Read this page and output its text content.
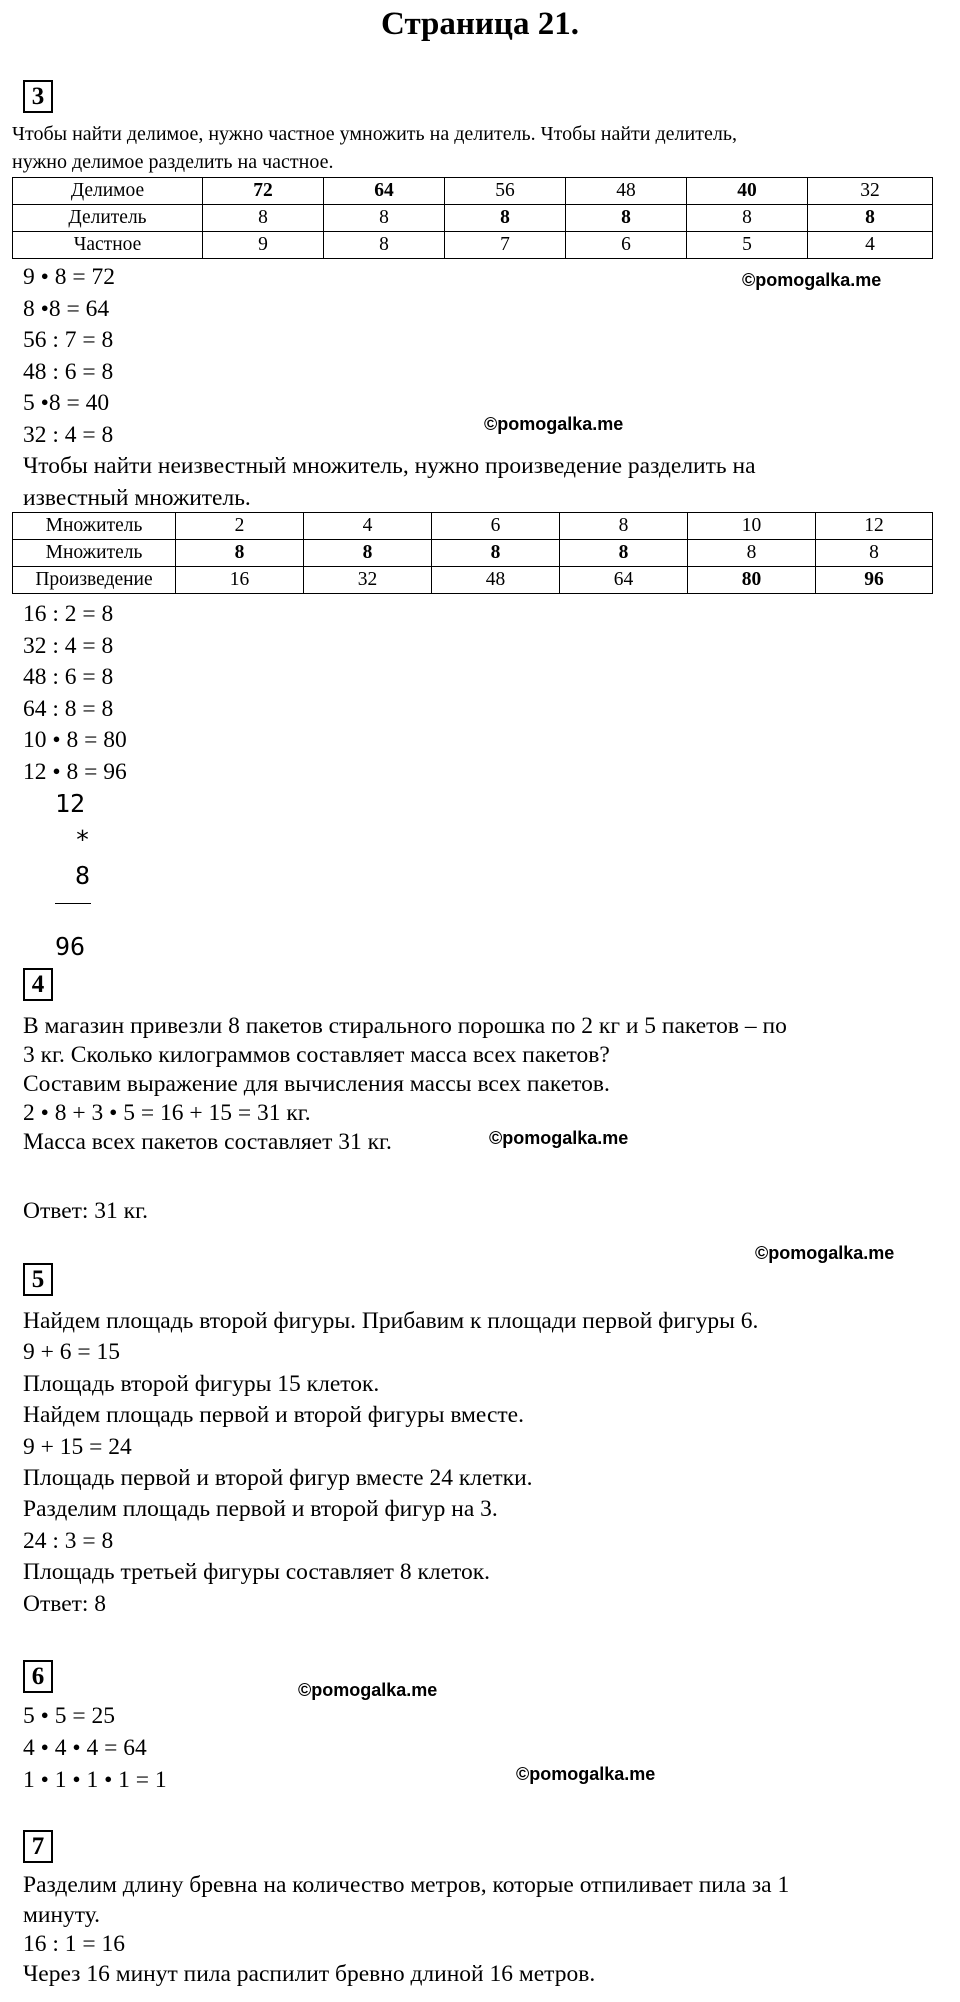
Страница 21.
3
Чтобы найти делимое, нужно частное умножить на делитель. Чтобы найти делитель,
нужно делимое разделить на частное.
Делимое	72	64	56	48	40	32
Делитель	8	8	8	8	8	8
Частное	9	8	7	6	5	4
9 • 8 = 72
8 •8 = 64
56 : 7 = 8
48 : 6 = 8
5 •8 = 40
32 : 4 = 8
©pomogalka.me
©pomogalka.me
Чтобы найти неизвестный множитель, нужно произведение разделить на
известный множитель.
Множитель	2	4	6	8	10	12
Множитель	8	8	8	8	8	8
Произведение	16	32	48	64	80	96
16 : 2 = 8
32 : 4 = 8
48 : 6 = 8
64 : 8 = 8
10 • 8 = 80
12 • 8 = 96
12
*
8
96
4
В магазин привезли 8 пакетов стирального порошка по 2 кг и 5 пакетов – по
3 кг. Сколько килограммов составляет масса всех пакетов?
Составим выражение для вычисления массы всех пакетов.
2 • 8 + 3 • 5 = 16 + 15 = 31 кг.
Масса всех пакетов составляет 31 кг.	©pomogalka.me
Ответ: 31 кг.
©pomogalka.me
5
Найдем площадь второй фигуры. Прибавим к площади первой фигуры 6.
9 + 6 = 15
Площадь второй фигуры 15 клеток.
Найдем площадь первой и второй фигуры вместе.
9 + 15 = 24
Площадь первой и второй фигур вместе 24 клетки.
Разделим площадь первой и второй фигур на 3.
24 : 3 = 8
Площадь третьей фигуры составляет 8 клеток.
Ответ: 8
6	©pomogalka.me
5 • 5 = 25
4 • 4 • 4 = 64
1 • 1 • 1 • 1 = 1	©pomogalka.me
7
Разделим длину бревна на количество метров, которые отпиливает пила за 1
минуту.
16 : 1 = 16
Через 16 минут пила распилит бревно длиной 16 метров.
